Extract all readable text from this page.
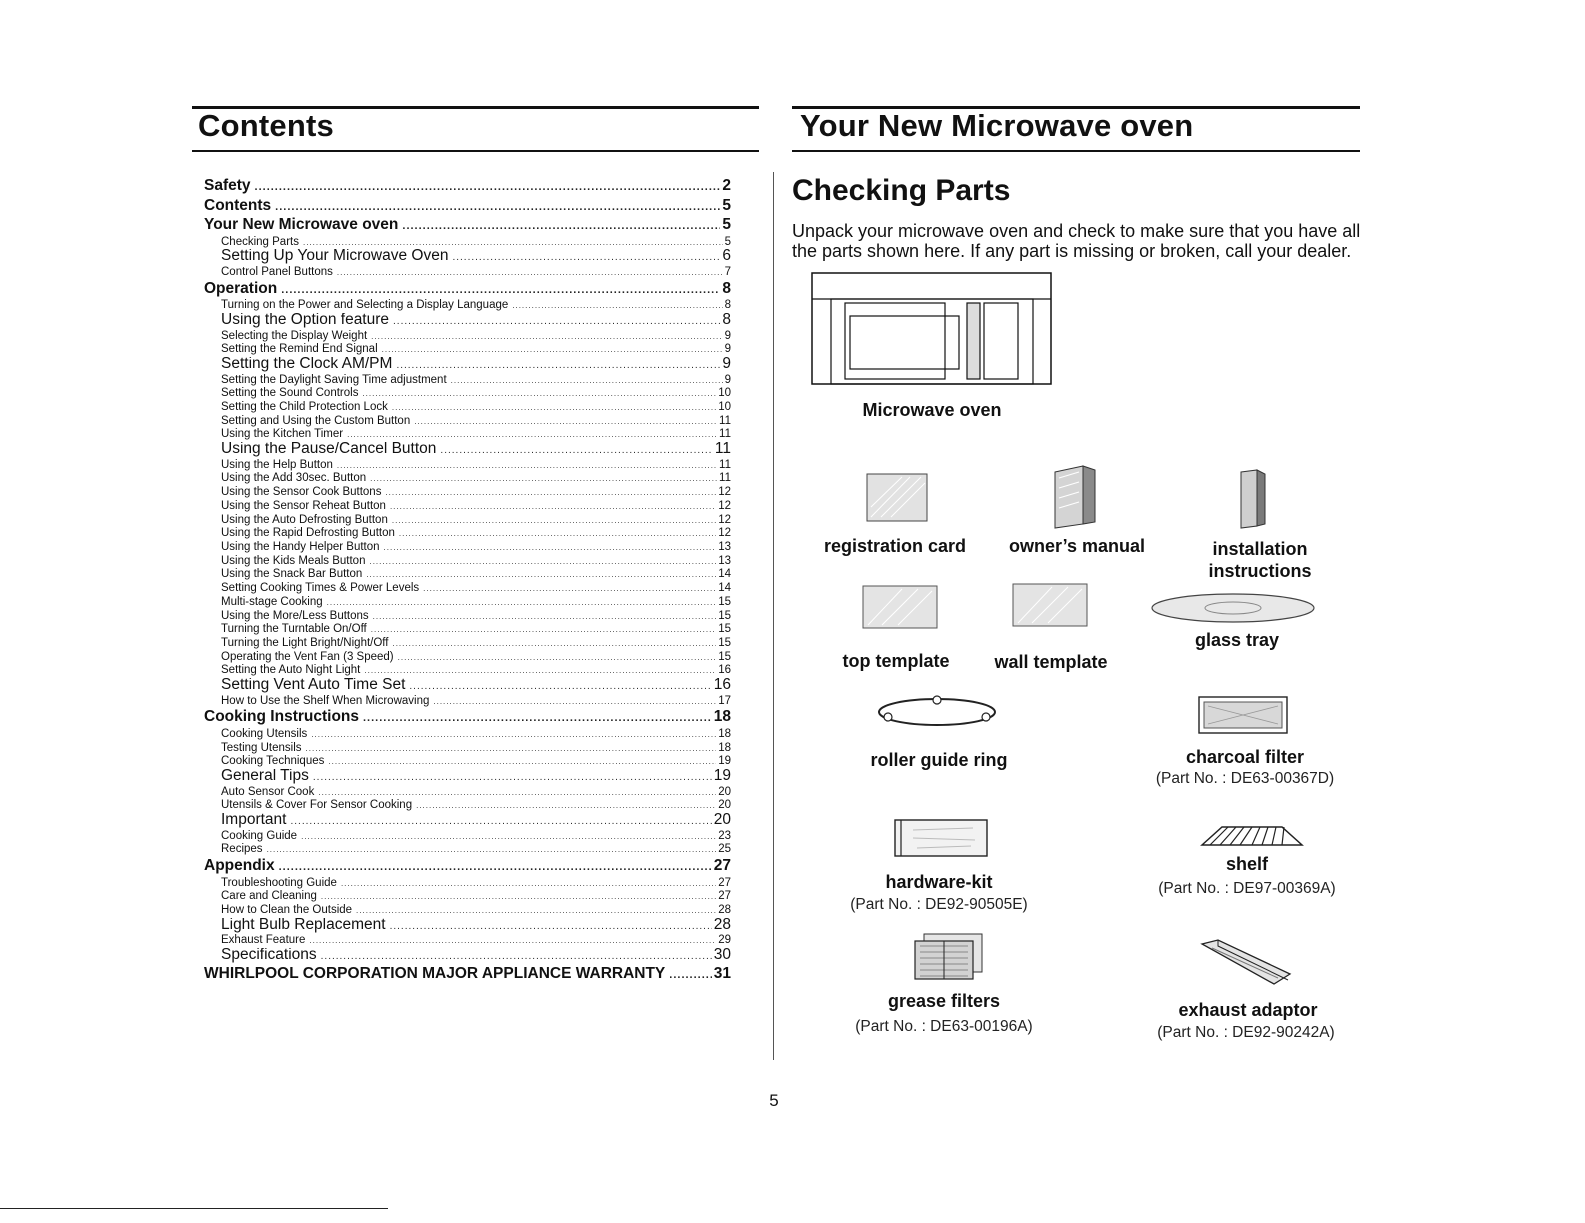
Contents	Your New Microwave oven
Safety .....	2
Contents .....	5
Your New Microwave oven .....	5
Checking Parts .....	5
Setting Up Your Microwave Oven .....	6
Control Panel Buttons .....	7
Operation .....	8
Turning on the Power and Selecting a Display Language .....	8
Using the Option feature .....	8
Selecting the Display Weight .....	9
Setting the Remind End Signal .....	9
Setting the Clock AM/PM .....	9
Setting the Daylight Saving Time adjustment .....	9
Setting the Sound Controls .....	10
Setting the Child Protection Lock .....	10
Setting and Using the Custom Button .....	11
Using the Kitchen Timer .....	11
Using the Pause/Cancel Button .....	11
Using the Help Button .....	11
Using the Add 30sec. Button .....	11
Using the Sensor Cook Buttons .....	12
Using the Sensor Reheat Button .....	12
Using the Auto Defrosting Button .....	12
Using the Rapid Defrosting Button .....	12
Using the Handy Helper Button .....	13
Using the Kids Meals Button .....	13
Using the Snack Bar Button .....	14
Setting Cooking Times & Power Levels .....	14
Multi-stage Cooking .....	15
Using the More/Less Buttons .....	15
Turning the Turntable On/Off .....	15
Turning the Light Bright/Night/Off .....	15
Operating the Vent Fan (3 Speed) .....	15
Setting the Auto Night Light .....	16
Setting Vent Auto Time Set .....	16
How to Use the Shelf When Microwaving .....	17
Cooking Instructions .....	18
Cooking Utensils .....	18
Testing Utensils .....	18
Cooking Techniques .....	19
General Tips .....	19
Auto Sensor Cook .....	20
Utensils & Cover For Sensor Cooking .....	20
Important .....	20
Cooking Guide .....	23
Recipes .....	25
Appendix .....	27
Troubleshooting Guide .....	27
Care and Cleaning .....	27
How to Clean the Outside .....	28
Light Bulb Replacement .....	28
Exhaust Feature .....	29
Specifications .....	30
WHIRLPOOL CORPORATION MAJOR APPLIANCE WARRANTY .....	31
Checking Parts
Unpack your microwave oven and check to make sure that you have all the parts shown here. If any part is missing or broken, call your dealer.
Microwave oven
registration card	owner’s manual	installation
instructions
top template	wall template
glass tray
roller guide ring	charcoal filter
(Part No. : DE63-00367D)
hardware-kit
(Part No. : DE92-90505E)
shelf
(Part No. : DE97-00369A)
grease filters
(Part No. : DE63-00196A)
exhaust adaptor
(Part No. : DE92-90242A)
5
